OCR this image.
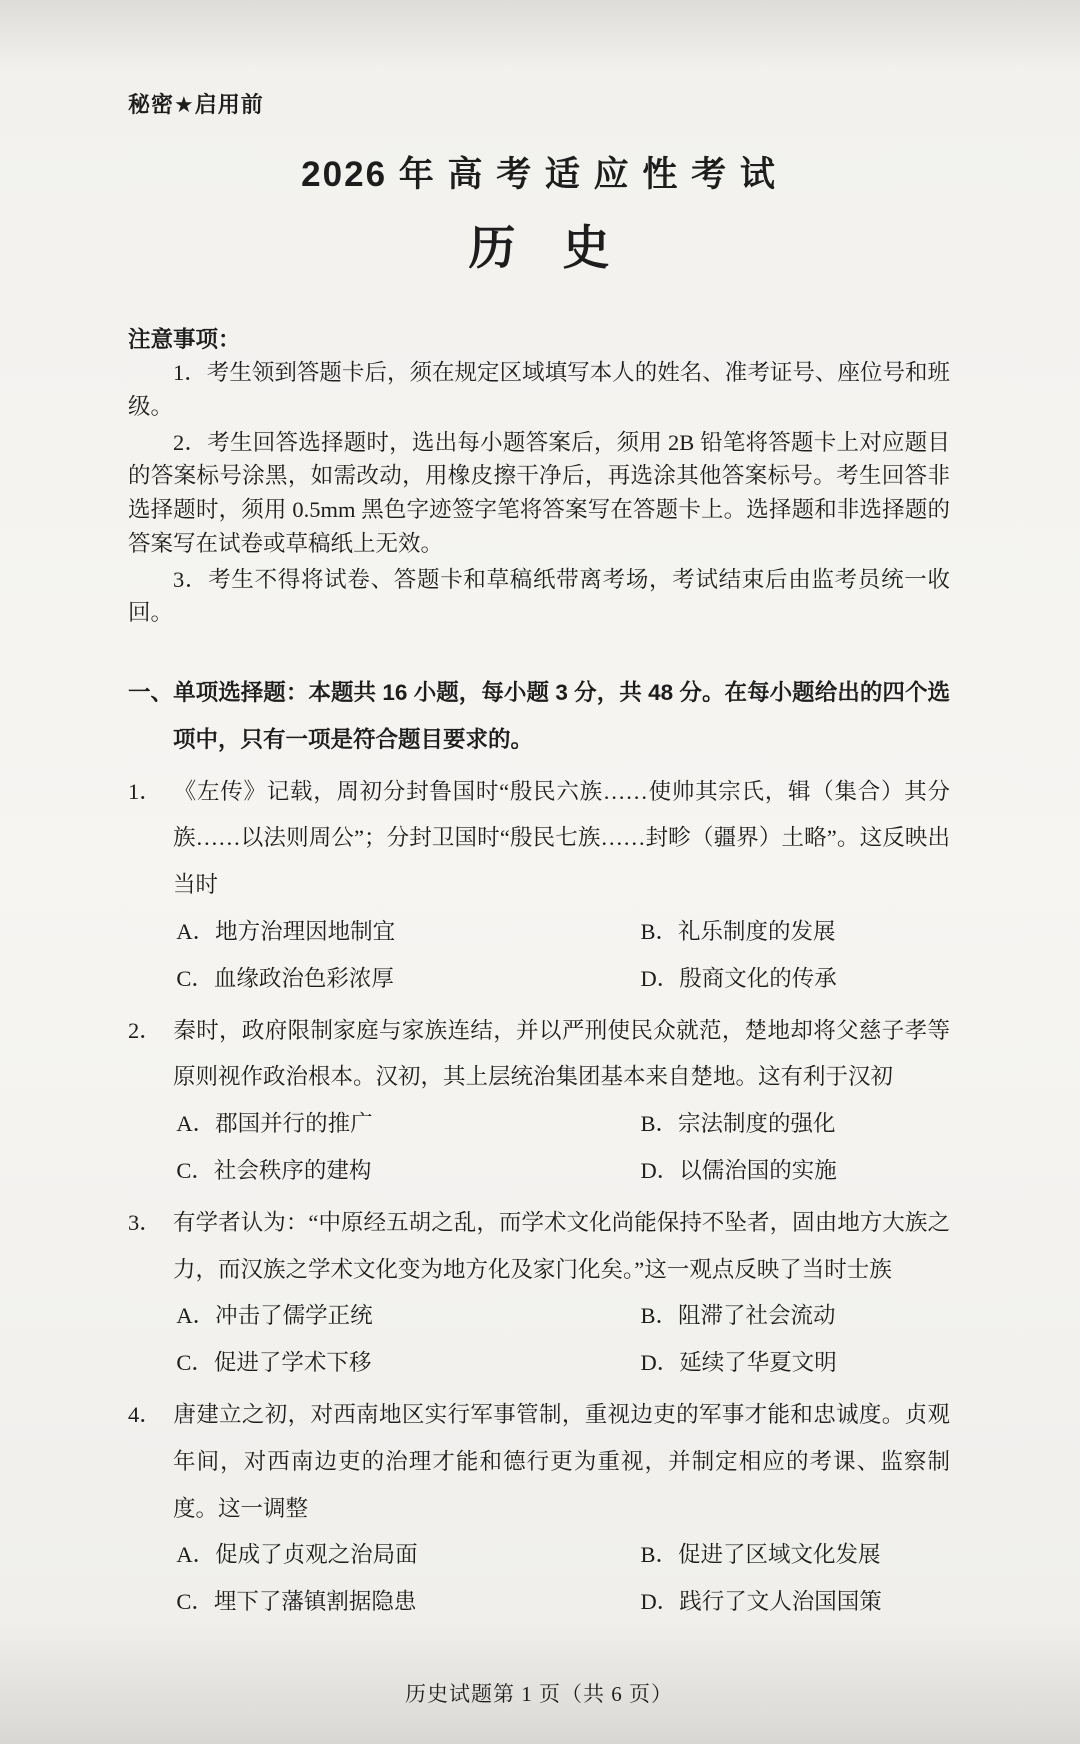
秘密★启用前
2026 年 高 考 适 应 性 考 试
历　史
注意事项：

1．考生领到答题卡后，须在规定区域填写本人的姓名、准考证号、座位号和班级。

2．考生回答选择题时，选出每小题答案后，须用 2B 铅笔将答题卡上对应题目的答案标号涂黑，如需改动，用橡皮擦干净后，再选涂其他答案标号。考生回答非选择题时，须用 0.5mm 黑色字迹签字笔将答案写在答题卡上。选择题和非选择题的答案写在试卷或草稿纸上无效。

3．考生不得将试卷、答题卡和草稿纸带离考场，考试结束后由监考员统一收回。

一、单项选择题：本题共 16 小题，每小题 3 分，共 48 分。在每小题给出的四个选项中，只有一项是符合题目要求的。

1． 《左传》记载，周初分封鲁国时“殷民六族……使帅其宗氏，辑（集合）其分族……以法则周公”；分封卫国时“殷民七族……封畛（疆界）土略”。这反映出当时

A．地方治理因地制宜	B．礼乐制度的发展
C．血缘政治色彩浓厚	D．殷商文化的传承

2． 秦时，政府限制家庭与家族连结，并以严刑使民众就范，楚地却将父慈子孝等原则视作政治根本。汉初，其上层统治集团基本来自楚地。这有利于汉初

A．郡国并行的推广	B．宗法制度的强化
C．社会秩序的建构	D．以儒治国的实施

3． 有学者认为：“中原经五胡之乱，而学术文化尚能保持不坠者，固由地方大族之力，而汉族之学术文化变为地方化及家门化矣。”这一观点反映了当时士族

A．冲击了儒学正统	B．阻滞了社会流动
C．促进了学术下移	D．延续了华夏文明

4． 唐建立之初，对西南地区实行军事管制，重视边吏的军事才能和忠诚度。贞观年间，对西南边吏的治理才能和德行更为重视，并制定相应的考课、监察制度。这一调整

A．促成了贞观之治局面	B．促进了区域文化发展
C．埋下了藩镇割据隐患	D．践行了文人治国国策
历史试题第 1 页（共 6 页）
